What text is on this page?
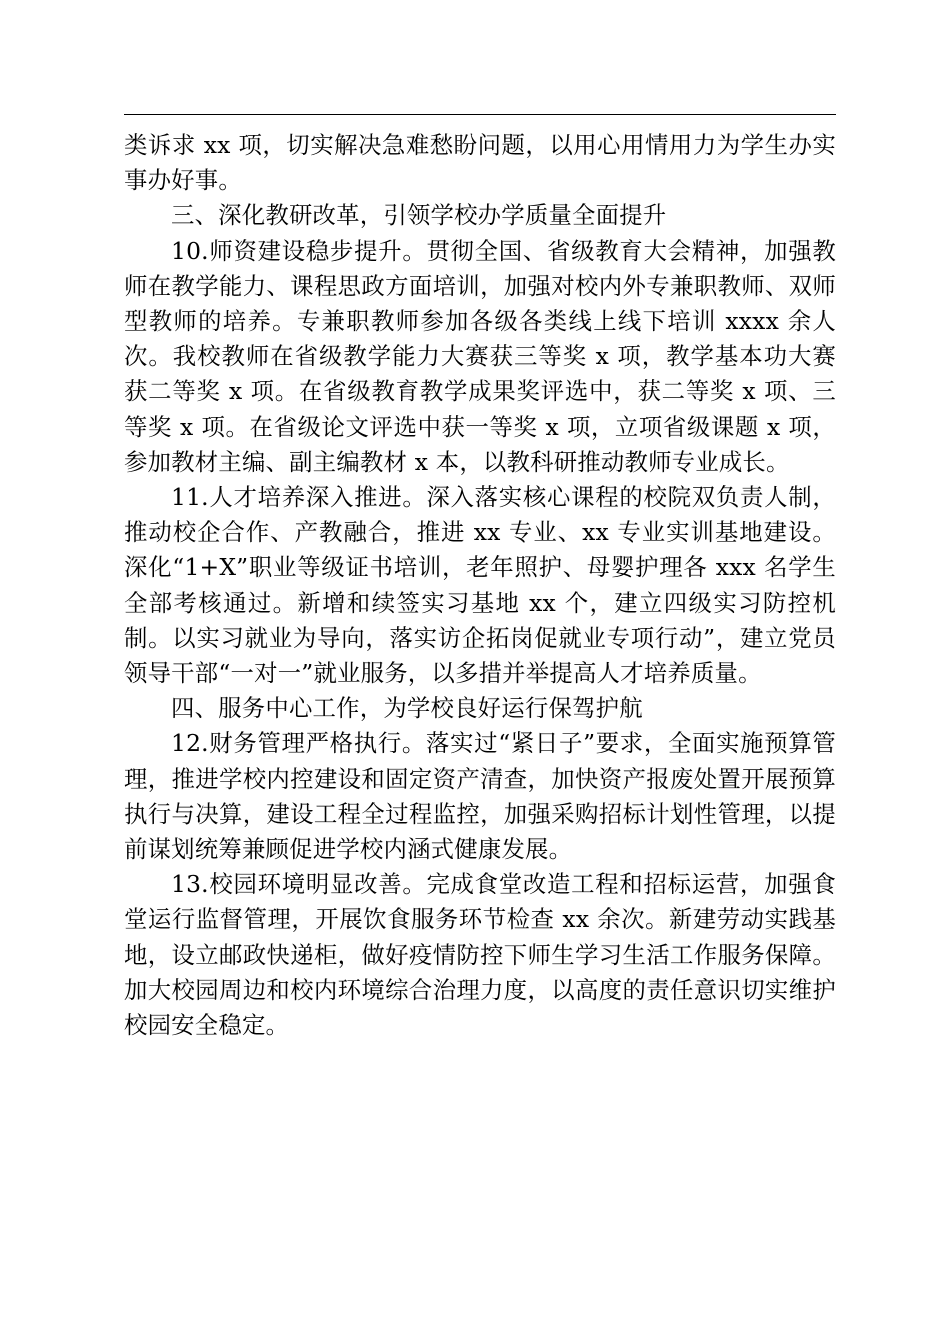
类诉求 xx 项，切实解决急难愁盼问题，以用心用情用力为学生办实事办好事。

三、深化教研改革，引领学校办学质量全面提升

10.师资建设稳步提升。贯彻全国、省级教育大会精神，加强教师在教学能力、课程思政方面培训，加强对校内外专兼职教师、双师型教师的培养。专兼职教师参加各级各类线上线下培训 xxxx 余人次。我校教师在省级教学能力大赛获三等奖 x 项，教学基本功大赛获二等奖 x 项。在省级教育教学成果奖评选中，获二等奖 x 项、三等奖 x 项。在省级论文评选中获一等奖 x 项，立项省级课题 x 项，参加教材主编、副主编教材 x 本，以教科研推动教师专业成长。

11.人才培养深入推进。深入落实核心课程的校院双负责人制，推动校企合作、产教融合，推进 xx 专业、xx 专业实训基地建设。深化“1+X”职业等级证书培训，老年照护、母婴护理各 xxx 名学生全部考核通过。新增和续签实习基地 xx 个，建立四级实习防控机制。以实习就业为导向，落实访企拓岗促就业专项行动”，建立党员领导干部“一对一”就业服务，以多措并举提高人才培养质量。

四、服务中心工作，为学校良好运行保驾护航

12.财务管理严格执行。落实过“紧日子”要求，全面实施预算管理，推进学校内控建设和固定资产清查，加快资产报废处置开展预算执行与决算，建设工程全过程监控，加强采购招标计划性管理，以提前谋划统筹兼顾促进学校内涵式健康发展。

13.校园环境明显改善。完成食堂改造工程和招标运营，加强食堂运行监督管理，开展饮食服务环节检查 xx 余次。新建劳动实践基地，设立邮政快递柜，做好疫情防控下师生学习生活工作服务保障。加大校园周边和校内环境综合治理力度，以高度的责任意识切实维护校园安全稳定。
